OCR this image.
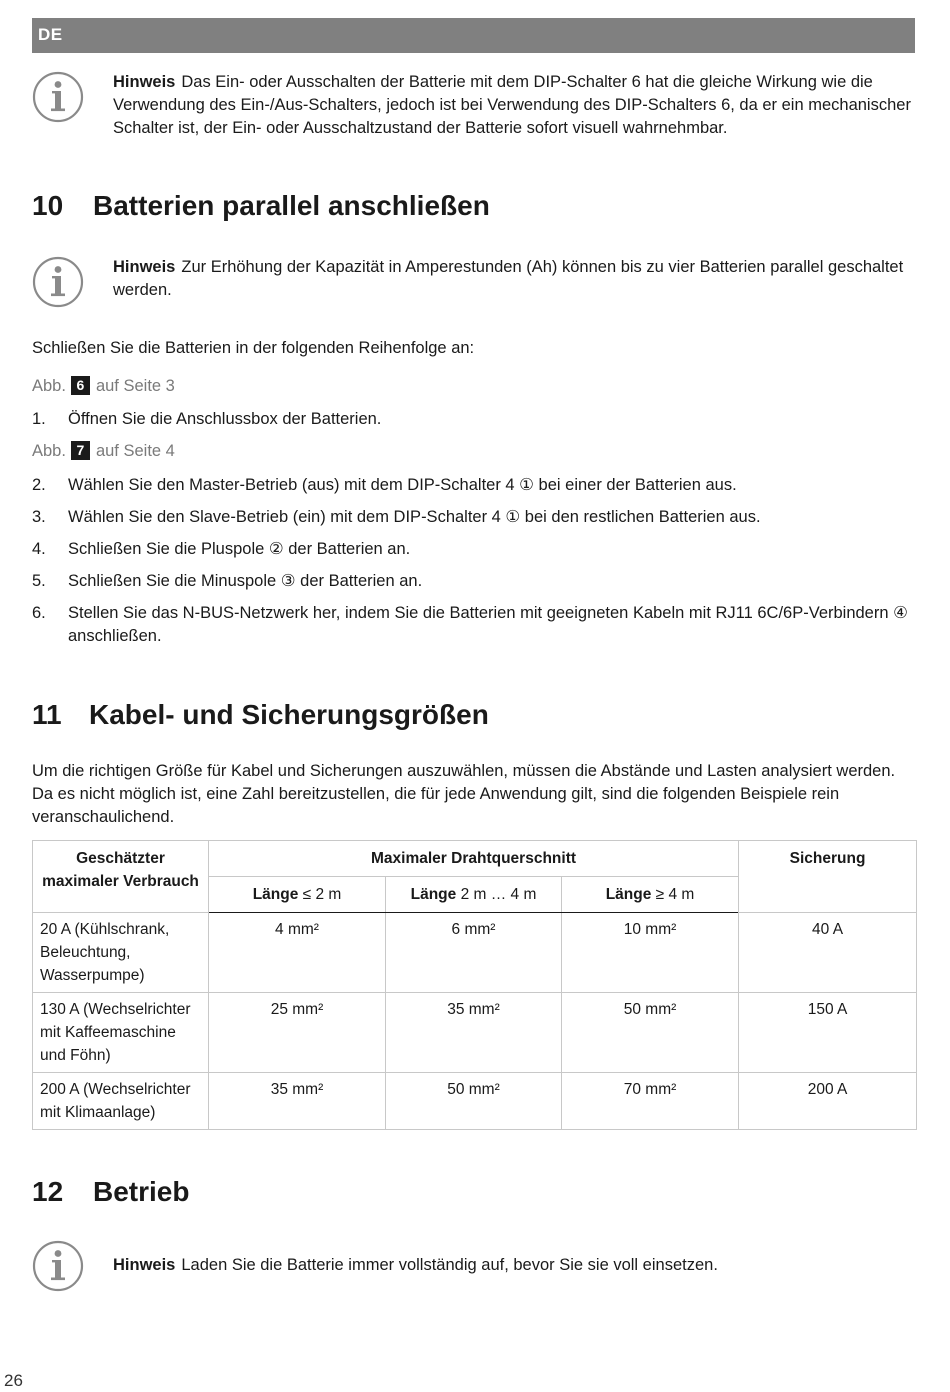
DE
Hinweis Das Ein- oder Ausschalten der Batterie mit dem DIP-Schalter 6 hat die gleiche Wirkung wie die Verwendung des Ein-/Aus-Schalters, jedoch ist bei Verwendung des DIP-Schalters 6, da er ein mechanischer Schalter ist, der Ein- oder Ausschaltzustand der Batterie sofort visuell wahrnehmbar.
10 Batterien parallel anschließen
Hinweis Zur Erhöhung der Kapazität in Amperestunden (Ah) können bis zu vier Batterien parallel geschaltet werden.

Schließen Sie die Batterien in der folgenden Reihenfolge an:

Abb. 6 auf Seite 3
1. Öffnen Sie die Anschlussbox der Batterien.
Abb. 7 auf Seite 4
2. Wählen Sie den Master-Betrieb (aus) mit dem DIP-Schalter 4 ① bei einer der Batterien aus.
3. Wählen Sie den Slave-Betrieb (ein) mit dem DIP-Schalter 4 ① bei den restlichen Batterien aus.
4. Schließen Sie die Pluspole ② der Batterien an.
5. Schließen Sie die Minuspole ③ der Batterien an.
6. Stellen Sie das N-BUS-Netzwerk her, indem Sie die Batterien mit geeigneten Kabeln mit RJ11 6C/6P-Verbindern ④ anschließen.
11 Kabel- und Sicherungsgrößen

Um die richtigen Größe für Kabel und Sicherungen auszuwählen, müssen die Abstände und Lasten analysiert werden. Da es nicht möglich ist, eine Zahl bereitzustellen, die für jede Anwendung gilt, sind die folgenden Beispiele rein veranschaulichend.

Geschätzter maximaler Verbrauch	Maximaler Drahtquerschnitt			Sicherung
	Länge ≤ 2 m	Länge 2 m … 4 m	Länge ≥ 4 m	
20 A (Kühlschrank, Beleuchtung, Wasserpumpe)	4 mm²	6 mm²	10 mm²	40 A
130 A (Wechselrichter mit Kaffeemaschine und Föhn)	25 mm²	35 mm²	50 mm²	150 A
200 A (Wechselrichter mit Klimaanlage)	35 mm²	50 mm²	70 mm²	200 A
12 Betrieb
Hinweis Laden Sie die Batterie immer vollständig auf, bevor Sie sie voll einsetzen.
26
